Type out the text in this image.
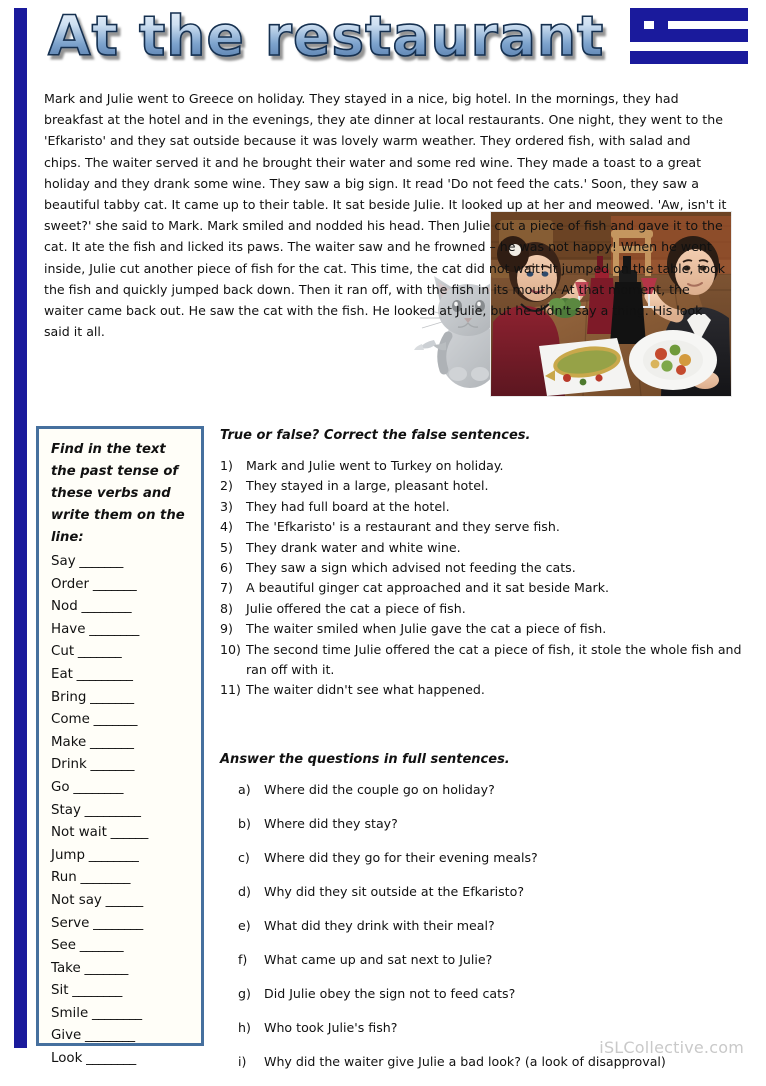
At the restaurant

Mark and Julie went to Greece on holiday. They stayed in a nice, big hotel. In the mornings, they had breakfast at the hotel and in the evenings, they ate dinner at local restaurants. One night, they went to the 'Efkaristo' and they sat outside because it was lovely warm weather. They ordered fish, with salad and chips. The waiter served it and he brought their water and some red wine. They made a toast to a great holiday and they drank some wine. They saw a big sign. It read 'Do not feed the cats.' Soon, they saw a beautiful tabby cat. It came up to their table. It sat beside Julie. It looked up at her and meowed. 'Aw, isn't it sweet?' she said to Mark. Mark smiled and nodded his head. Then Julie cut a piece of fish and gave it to the cat. It ate the fish and licked its paws. The waiter saw and he frowned – he was not happy! When he went inside, Julie cut another piece of fish for the cat. This time, the cat did not wait! It jumped on the table, took the fish and quickly jumped back down. Then it ran off, with the fish in its mouth. At that moment, the waiter came back out. He saw the cat with the fish. He looked at Julie, but he didn't say a thing. His look said it all.

Find in the text the past tense of these verbs and write them on the line:
Say _______
Order _______
Nod ________
Have ________
Cut _______
Eat _________
Bring _______
Come _______
Make _______
Drink _______
Go ________
Stay _________
Not wait ______
Jump ________
Run ________
Not say ______
Serve ________
See _______
Take _______
Sit ________
Smile ________
Give ________
Look ________
True or false? Correct the false sentences.
1)	Mark and Julie went to Turkey on holiday.
2)	They stayed in a large, pleasant hotel.
3)	They had full board at the hotel.
4)	The 'Efkaristo' is a restaurant and they serve fish.
5)	They drank water and white wine.
6)	They saw a sign which advised not feeding the cats.
7)	A beautiful ginger cat approached and it sat beside Mark.
8)	Julie offered the cat a piece of fish.
9)	The waiter smiled when Julie gave the cat a piece of fish.
10) The second time Julie offered the cat a piece of fish, it stole the whole fish and ran off with it.
11) The waiter didn't see what happened.
Answer the questions in full sentences.
a)	Where did the couple go on holiday?
b)	Where did they stay?
c)	Where did they go for their evening meals?
d)	Why did they sit outside at the Efkaristo?
e)	What did they drink with their meal?
f)	What came up and sat next to Julie?
g)	Did Julie obey the sign not to feed cats?
h)	Who took Julie's fish?
i)	Why did the waiter give Julie a bad look? (a look of disapproval)
iSLCollective.com
